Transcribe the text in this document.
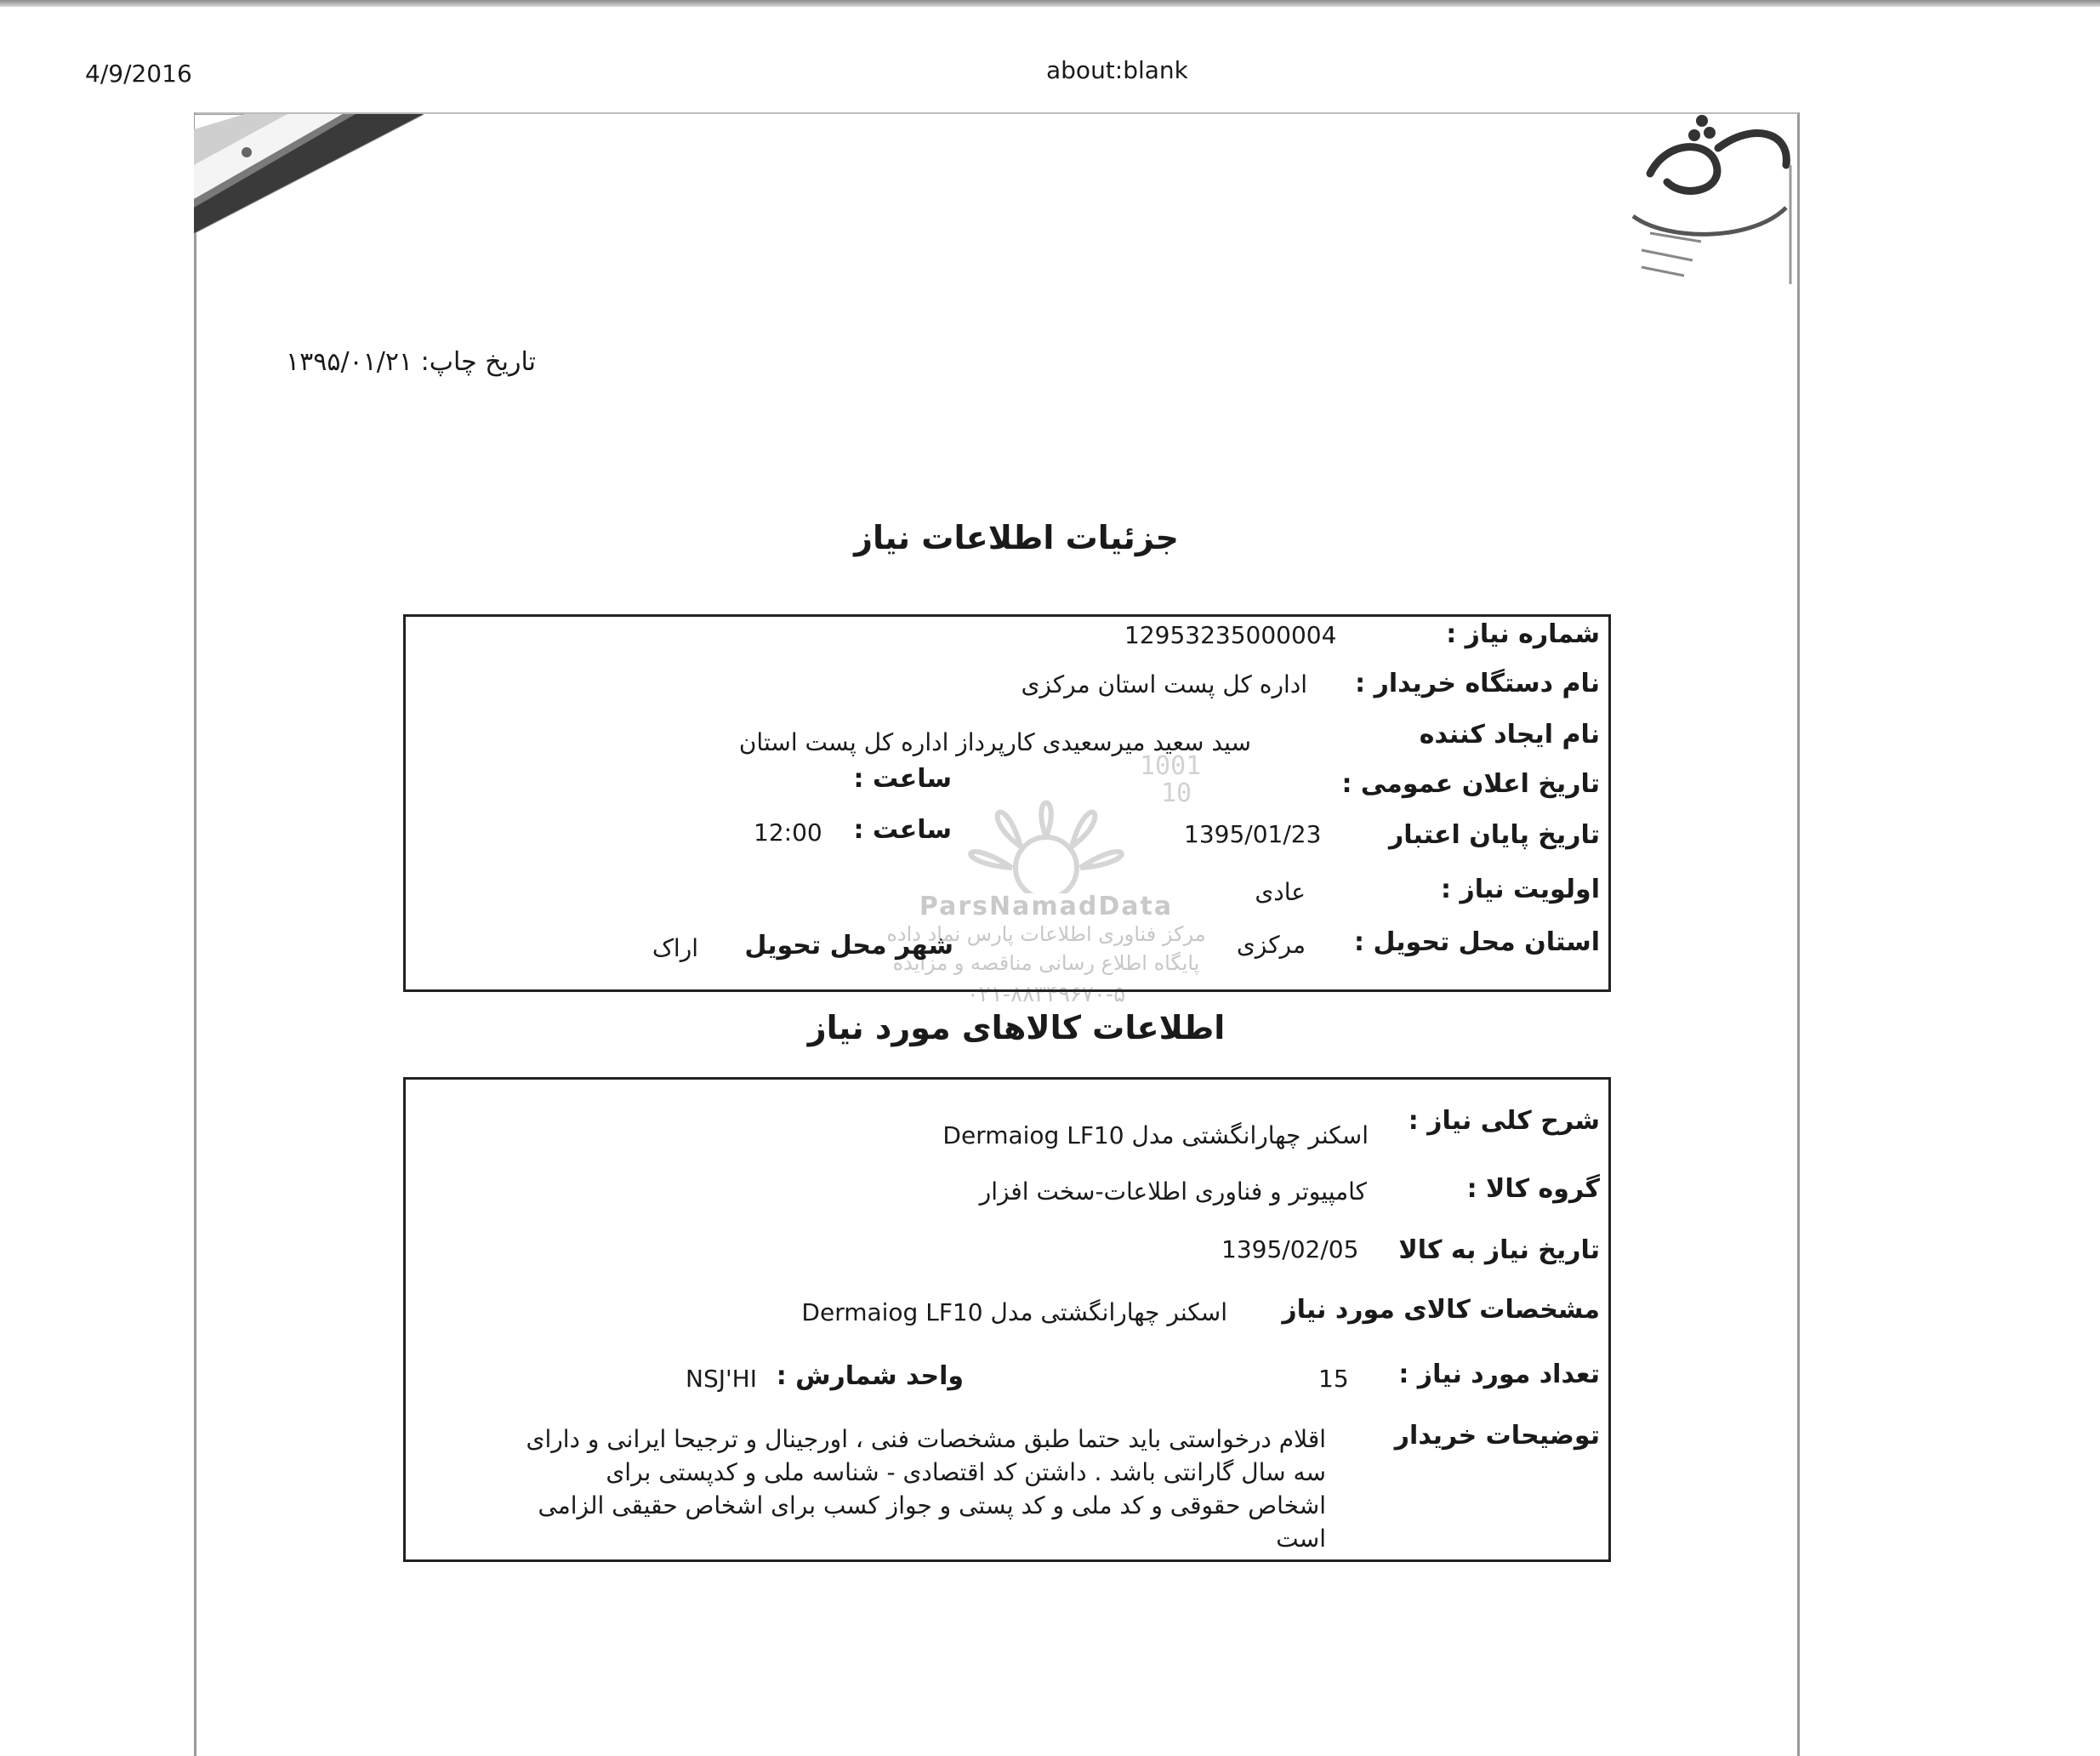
4/9/2016	about:blank
1001
10
ParsNamadData
مرکز فناوری اطلاعات پارس نماد داده
پایگاه اطلاع رسانی مناقصه و مزایده
۰۲۱-۸۸۳۴۹۶۷۰-۵
تاریخ چاپ: ۱۳۹۵/۰۱/۲۱
جزئیات اطلاعات نیاز
شماره نیاز :
12953235000004
نام دستگاه خریدار :
اداره کل پست استان مرکزی
نام ایجاد کننده
سید سعید میرسعیدی کارپرداز اداره کل پست استان
تاریخ اعلان عمومی :
ساعت :
تاریخ پایان اعتبار
1395/01/23
ساعت :
12:00
اولویت نیاز :
عادی
استان محل تحویل :
مرکزی
شهر محل تحویل
اراک
اطلاعات کالاهای مورد نیاز
شرح کلی نیاز :
اسکنر چهارانگشتی مدل Dermaiog LF10
گروه کالا :
کامپیوتر و فناوری اطلاعات-سخت افزار
تاریخ نیاز به کالا
1395/02/05
مشخصات کالای مورد نیاز
اسکنر چهارانگشتی مدل Dermaiog LF10
تعداد مورد نیاز :
15
واحد شمارش :
NSJ'HI
توضیحات خریدار
اقلام درخواستی باید حتما طبق مشخصات فنی ، اورجینال و ترجیحا ایرانی و دارای
سه سال گارانتی باشد . داشتن کد اقتصادی - شناسه ملی و کدپستی برای
اشخاص حقوقی و کد ملی و کد پستی و جواز کسب برای اشخاص حقیقی الزامی
است
